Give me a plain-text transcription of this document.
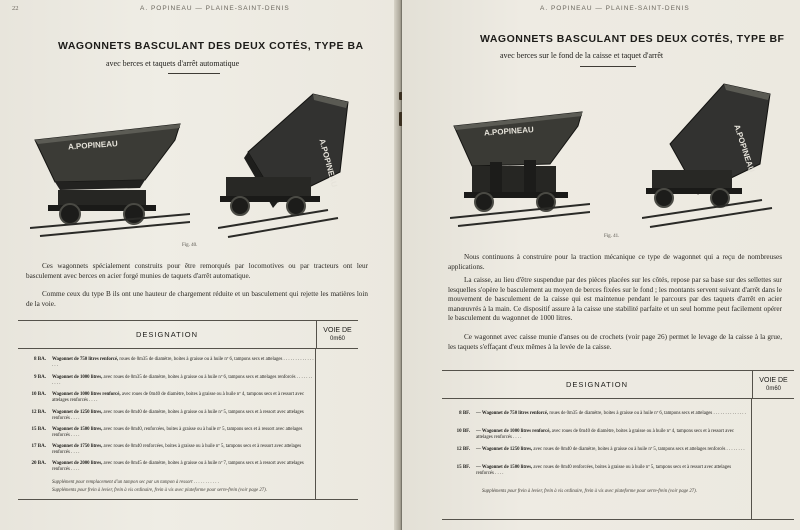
22	A. POPINEAU — PLAINE-SAINT-DENIS
WAGONNETS BASCULANT DES DEUX COTÉS, TYPE BA
avec berces et taquets d'arrêt automatique
A.POPINEAU	A.POPINEAU
Fig. 40.
Ces wagonnets spécialement construits pour être remorqués par locomotives ou par tracteurs ont leur basculement avec berces en acier forgé munies de taquets d'arrêt automatique.
Comme ceux du type B ils ont une hauteur de chargement réduite et un basculement qui rejette les matières loin de la voie.
DESIGNATION	VOIE DE
0m60
8 BA.	Wagonnet de 750 litres renforcé, roues de 0m35 de diamètre, boites à graisse ou à huile nº 6, tampons secs et attelages . . . . . . . . . . . . . . . .
9 BA.	Wagonnet de 1000 litres, avec roues de 0m35 de diamètre, boites à graisse ou à huile nº 6, tampons secs et attelages renforcés . . . . . . . . . . .
10 BA.	Wagonnet de 1000 litres renforcé, avec roues de 0m40 de diamètre, boites à graisse ou à huile nº 4, tampons secs et à ressort avec attelages renforcés . . . .
12 BA.	Wagonnet de 1250 litres, avec roues de 0m40 de diamètre, boites à graisse ou à huile nº 5, tampons secs et à ressort avec attelages renforcés . . . .
15 BA.	Wagonnet de 1500 litres, avec roues de 0m40, renforcées, boites à graisse ou à huile nº 5, tampons secs et à ressort avec attelages renforcés . . . .
17 BA.	Wagonnet de 1750 litres, avec roues de 0m40 renforcées, boites à graisse ou à huile nº 5, tampons secs et à ressort avec attelages renforcés . . . .
20 BA.	Wagonnet de 2000 litres, avec roues de 0m45 de diamètre, boites à graisse ou à huile nº 7, tampons secs et à ressort avec attelages renforcés . . . .
Supplément pour remplacement d'un tampon sec par un tampon à ressort . . . . . . . . . . .
Suppléments pour frein à levier, frein à vis ordinaire, frein à vis avec plateforme pour serre-frein (voir page 27).
A. POPINEAU — PLAINE-SAINT-DENIS
WAGONNETS BASCULANT DES DEUX COTÉS, TYPE BF
avec berces sur le fond de la caisse et taquet d'arrêt
A.POPINEAU	A.POPINEAU
Fig. 41.
Nous continuons à construire pour la traction mécanique ce type de wagonnet qui a reçu de nombreuses applications.
La caisse, au lieu d'être suspendue par des pièces placées sur les côtés, repose par sa base sur des sellettes sur lesquelles s'opère le basculement au moyen de berces fixées sur le fond ; les montants servent suivant d'arrêt dans le mouvement de basculement de la caisse qui est maintenue pendant le parcours par des taquets d'arrêt en acier manœuvrés à la main. Ce dispositif assure à la caisse une stabilité parfaite et un seul homme peut facilement opérer le basculement du wagonnet de 1000 litres.
Ce wagonnet avec caisse munie d'anses ou de crochets (voir page 26) permet le levage de la caisse à la grue, les taquets s'effaçant d'eux mêmes à la levée de la caisse.
DESIGNATION	VOIE DE
0m60
8 BF.	— Wagonnet de 750 litres renforcé, roues de 0m35 de diamètre, boites à graisse ou à huile nº 6, tampons secs et attelages . . . . . . . . . . . . . .
10 BF.	— Wagonnet de 1000 litres renforcé, avec roues de 0m40 de diamètre, boites à graisse ou à huile nº 4, tampons secs et à ressort avec attelages renforcés . . . .
12 BF.	— Wagonnet de 1250 litres, avec roues de 0m40 de diamètre, boites à graisse ou à huile nº 5, tampons secs et attelages renforcés . . . . . . . .
15 BF.	— Wagonnet de 1500 litres, avec roues de 0m40 renforcées, boites à graisse ou à huile nº 5, tampons secs et à ressort avec attelages renforcés . . . .
Suppléments pour frein à levier, frein à vis ordinaire, frein à vis avec plateforme pour serre-frein (voir page 27).
